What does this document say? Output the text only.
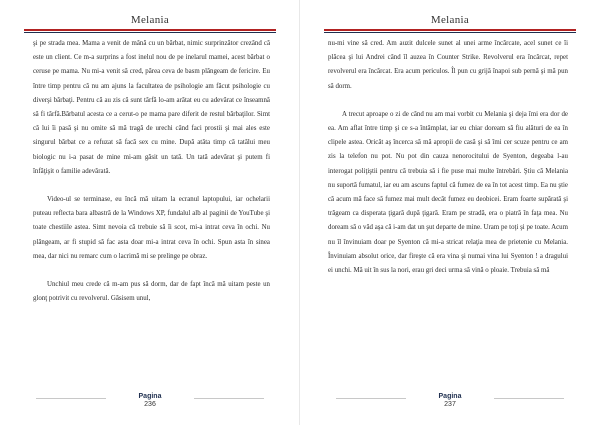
Melania

şi pe strada mea. Mama a venit de mână cu un bărbat, nimic surprinzător crezând că este un client. Ce m-a surprins a fost inelul nou de pe inelarul mamei, acest bărbat o ceruse pe mama. Nu mi-a venit să cred, părea ceva de basm plângeam de fericire. Eu între timp pentru că nu am ajuns la facultatea de psihologie am făcut psihologie cu diverşi bărbaţi. Pentru că au zis că sunt târfă lo-am arătat eu cu adevărat ce înseamnă să fi târfă.Bărbatul acesta ce a cerut-o pe mama pare diferit de restul bărbaţilor. Simt că lui îi pasă şi nu omite să mă tragă de urechi când faci prostii şi mai ales este singurul bărbat ce a refuzat să facă sex cu mine. După atâta timp că tatălui meu biologic nu i-a pasat de mine mi-am găsit un tată. Un tată adevărat şi putem fi înfăţişit o familie adevărată.

Video-ul se terminase, eu încă mă uitam la ecranul laptopului, iar ochelarii puteau reflecta bara albastră de la Windows XP, fundalul alb al paginii de YouTube şi toate chestiile astea. Simt nevoia că trebuie să îi scot, mi-a intrat ceva în ochi. Nu plângeam, ar fi stupid să fac asta doar mi-a intrat ceva în ochi. Spun asta în sinea mea, dar nici nu remarc cum o lacrimă mi se prelinge pe obraz.

Unchiul meu crede că m-am pus să dorm, dar de fapt încă mă uitam peste un glonţ potrivit cu revolverul. Găsisem unul,

Pagina
236
Melania

nu-mi vine să cred. Am auzit dulcele sunet al unei arme încărcate, acel sunet ce îi plăcea şi lui Andrei când îl auzea în Counter Strike. Revolverul era încărcat, repet revolverul era încărcat. Era acum periculos. Îl pun cu grijă înapoi sub pernă şi mă pun să dorm.

A trecut aproape o zi de când nu am mai vorbit cu Melania şi deja îmi era dor de ea. Am aflat între timp şi ce s-a întâmplat, iar eu chiar doream să fiu alături de ea în clipele astea. Oricât aş încerca să mă apropii de casă şi să îmi cer scuze pentru ce am zis la telefon nu pot. Nu pot din cauza nenorocitului de Syenton, degeaba l-au interogat poliţiştii pentru că trebuia să i fie puse mai multe întrebări. Ştiu că Melania nu suportă fumatul, iar eu am ascuns faptul că fumez de ea în tot acest timp. Ea nu ştie că acum mă face să fumez mai mult decât fumez eu deobicei. Eram foarte supărată şi trăgeam ca disperata ţigară după ţigară. Eram pe stradă, era o piatră în faţa mea. Nu doream să o văd aşa că i-am dat un şut departe de mine. Uram pe toţi şi pe toate. Acum nu îl învinuiam doar pe Syenton că mi-a stricat relaţia mea de prietenie cu Melania. Învinuiam absolut orice, dar fireşte că era vina şi numai vina lui Syenton ! a dragului ei unchi. Mă uit în sus la nori, erau gri deci urma să vină o ploaie. Trebuia să mă

Pagina
237
